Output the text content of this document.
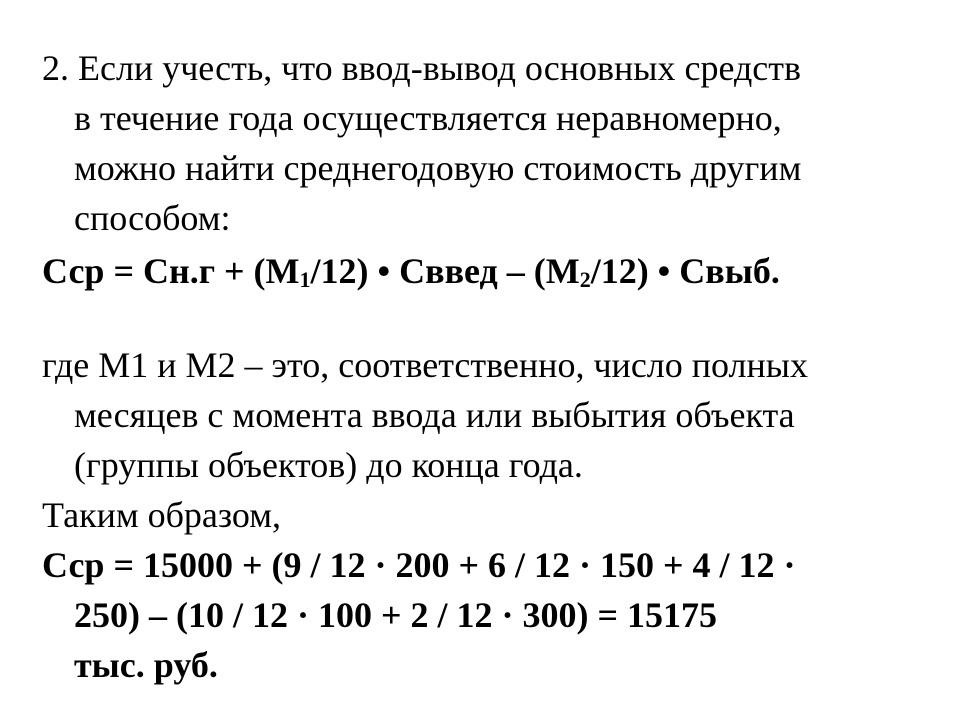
2. Если учесть, что ввод-вывод основных средств
в течение года осуществляется неравномерно,
можно найти среднегодовую стоимость другим
способом:
Сср = $Сн.г + (М_1/12)$ • Сввед – $(М_2/12)$ • Свыб.
где М1 и М2 – это, соответственно, число полных
месяцев с момента ввода или выбытия объекта
(группы объектов) до конца года.
Таким образом,
Сср = 15000 + (9 / 12 · 200 + 6 / 12 · 150 + 4 / 12 ·
250) – (10 / 12 · 100 + 2 / 12 · 300) = 15175
тыс. руб.
